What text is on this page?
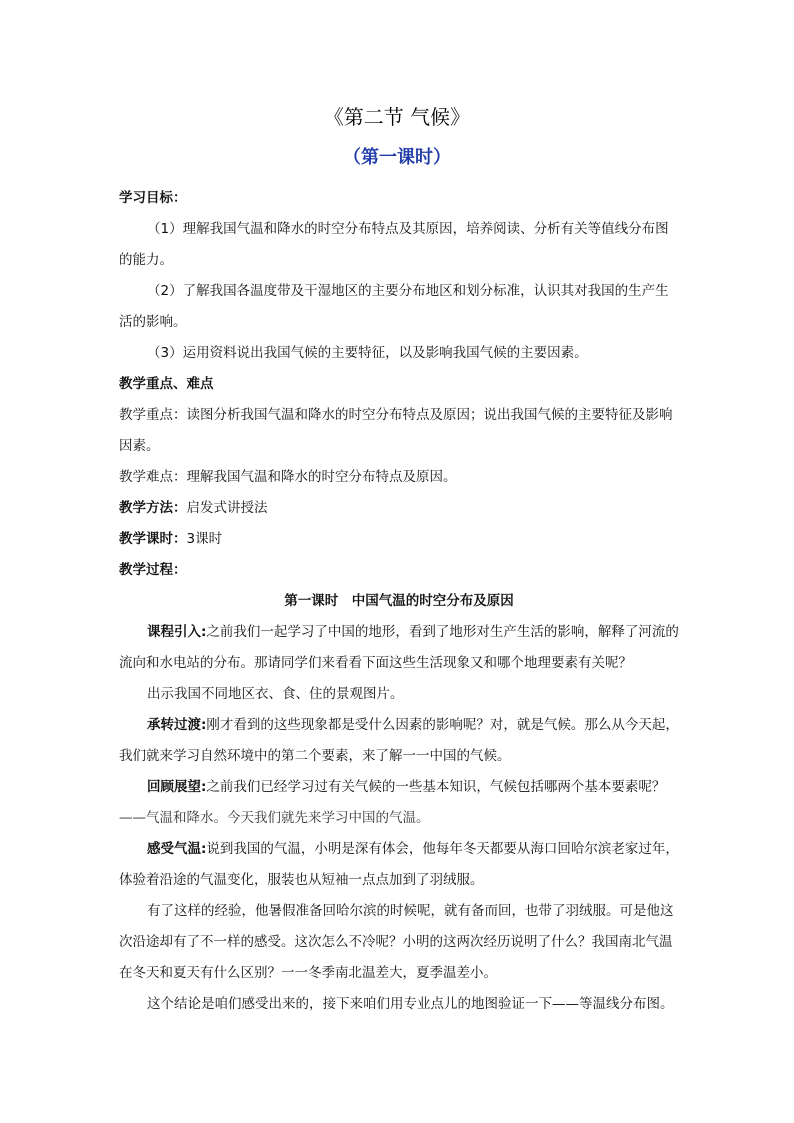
《第二节 气候》
（第一课时）

学习目标：

（1）理解我国气温和降水的时空分布特点及其原因，培养阅读、分析有关等值线分布图的能力。

（2）了解我国各温度带及干湿地区的主要分布地区和划分标准，认识其对我国的生产生活的影响。

（3）运用资料说出我国气候的主要特征，以及影响我国气候的主要因素。

教学重点、难点

教学重点：读图分析我国气温和降水的时空分布特点及原因；说出我国气候的主要特征及影响因素。

教学难点：理解我国气温和降水的时空分布特点及原因。

教学方法：启发式讲授法

教学课时：3课时

教学过程：

第一课时　中国气温的时空分布及原因

课程引入:之前我们一起学习了中国的地形，看到了地形对生产生活的影响，解释了河流的流向和水电站的分布。那请同学们来看看下面这些生活现象又和哪个地理要素有关呢？

出示我国不同地区衣、食、住的景观图片。

承转过渡:刚才看到的这些现象都是受什么因素的影响呢？对，就是气候。那么从今天起，我们就来学习自然环境中的第二个要素，来了解一一中国的气候。

回顾展望:之前我们已经学习过有关气候的一些基本知识，气候包括哪两个基本要素呢？

——气温和降水。今天我们就先来学习中国的气温。

感受气温:说到我国的气温，小明是深有体会，他每年冬天都要从海口回哈尔滨老家过年，体验着沿途的气温变化，服装也从短袖一点点加到了羽绒服。

有了这样的经验，他暑假准备回哈尔滨的时候呢，就有备而回，也带了羽绒服。可是他这次沿途却有了不一样的感受。这次怎么不冷呢？小明的这两次经历说明了什么？我国南北气温在冬天和夏天有什么区别？一一冬季南北温差大，夏季温差小。

这个结论是咱们感受出来的，接下来咱们用专业点儿的地图验证一下——等温线分布图。
